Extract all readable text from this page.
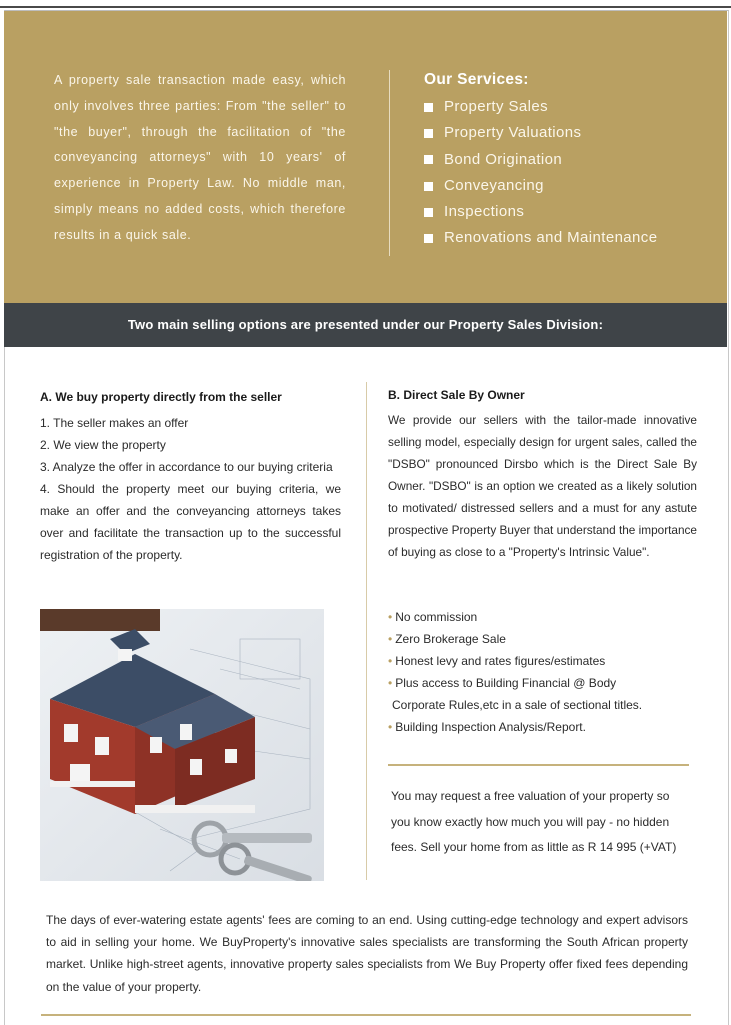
A property sale transaction made easy, which only involves three parties: From "the seller" to "the buyer", through the facilitation of "the conveyancing attorneys" with 10 years' of experience in Property Law. No middle man, simply means no added costs, which therefore results in a quick sale.

Our Services:
Property Sales
Property Valuations
Bond Origination
Conveyancing
Inspections
Renovations and Maintenance
Two main selling options are presented under our Property Sales Division:
A. We buy property directly from the seller
1. The seller makes an offer
2. We view the property
3. Analyze the offer in accordance to our buying criteria
4. Should the property meet our buying criteria, we make an offer and the conveyancing attorneys takes over and facilitate the transaction up to the successful registration of the property.
B. Direct Sale By Owner

We provide our sellers with the tailor-made innovative selling model, especially design for urgent sales, called the "DSBO" pronounced Dirsbo which is the Direct Sale By Owner. "DSBO" is an option we created as a likely solution to motivated/ distressed sellers and a must for any astute prospective Property Buyer that understand the importance of buying as close to a "Property's Intrinsic Value".

• No commission
• Zero Brokerage Sale
• Honest levy and rates figures/estimates
• Plus access to Building Financial @ Body
Corporate Rules,etc in a sale of sectional titles.
• Building Inspection Analysis/Report.

You may request a free valuation of your property so you know exactly how much you will pay - no hidden fees. Sell your home from as little as R 14 995 (+VAT)

The days of ever-watering estate agents' fees are coming to an end. Using cutting-edge technology and expert advisors to aid in selling your home. We BuyProperty's innovative sales specialists are transforming the South African property market. Unlike high-street agents, innovative property sales specialists from We Buy Property offer fixed fees depending on the value of your property.
